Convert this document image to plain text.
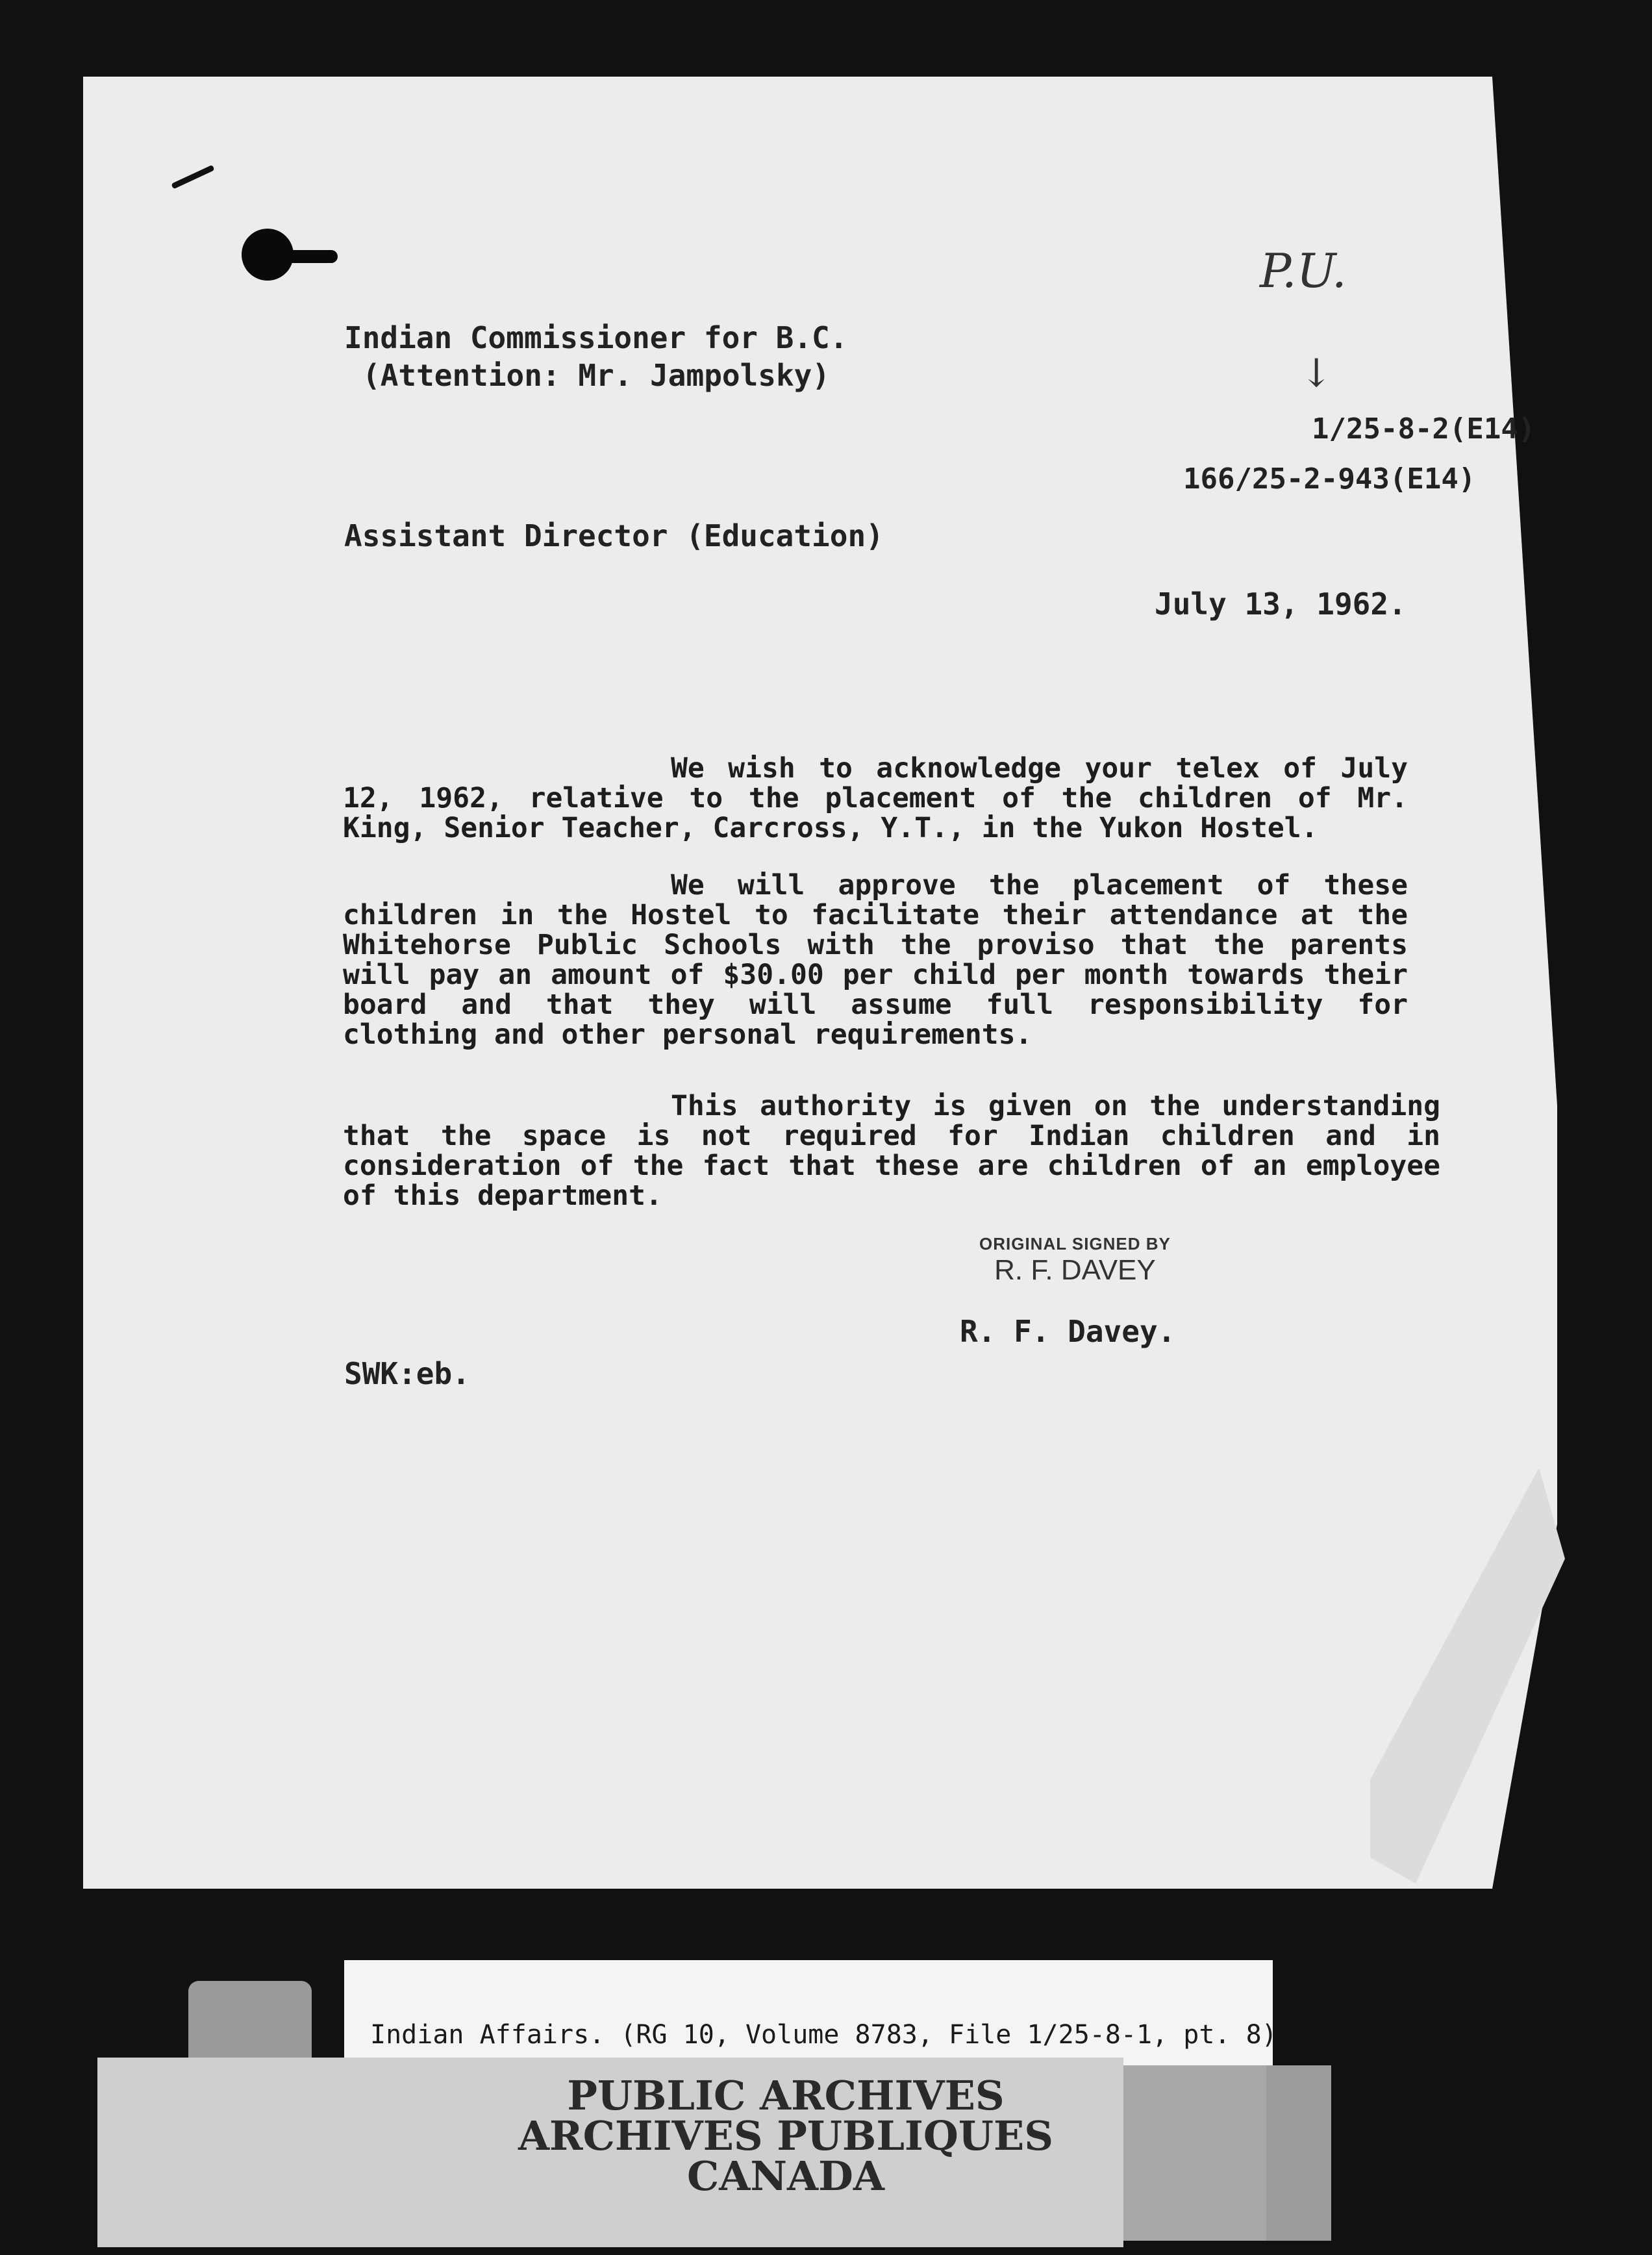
P.U.
↓
Indian Commissioner for B.C.
(Attention: Mr. Jampolsky)
1/25-8-2(E14)
166/25-2-943(E14)
Assistant Director (Education)
July 13, 1962.
We wish to acknowledge your telex of July 12, 1962, relative to the placement of the children of Mr. King, Senior Teacher, Carcross, Y.T., in the Yukon Hostel.
We will approve the placement of these children in the Hostel to facilitate their attendance at the Whitehorse Public Schools with the proviso that the parents will pay an amount of $30.00 per child per month towards their board and that they will assume full responsibility for clothing and other personal requirements.
This authority is given on the understanding that the space is not required for Indian children and in consideration of the fact that these are children of an employee of this department.
ORIGINAL SIGNED BY
R. F. DAVEY
R. F. Davey.
SWK:eb.
Indian Affairs. (RG 10, Volume 8783, File 1/25-8-1, pt. 8)
PUBLIC ARCHIVES
ARCHIVES PUBLIQUES
CANADA
